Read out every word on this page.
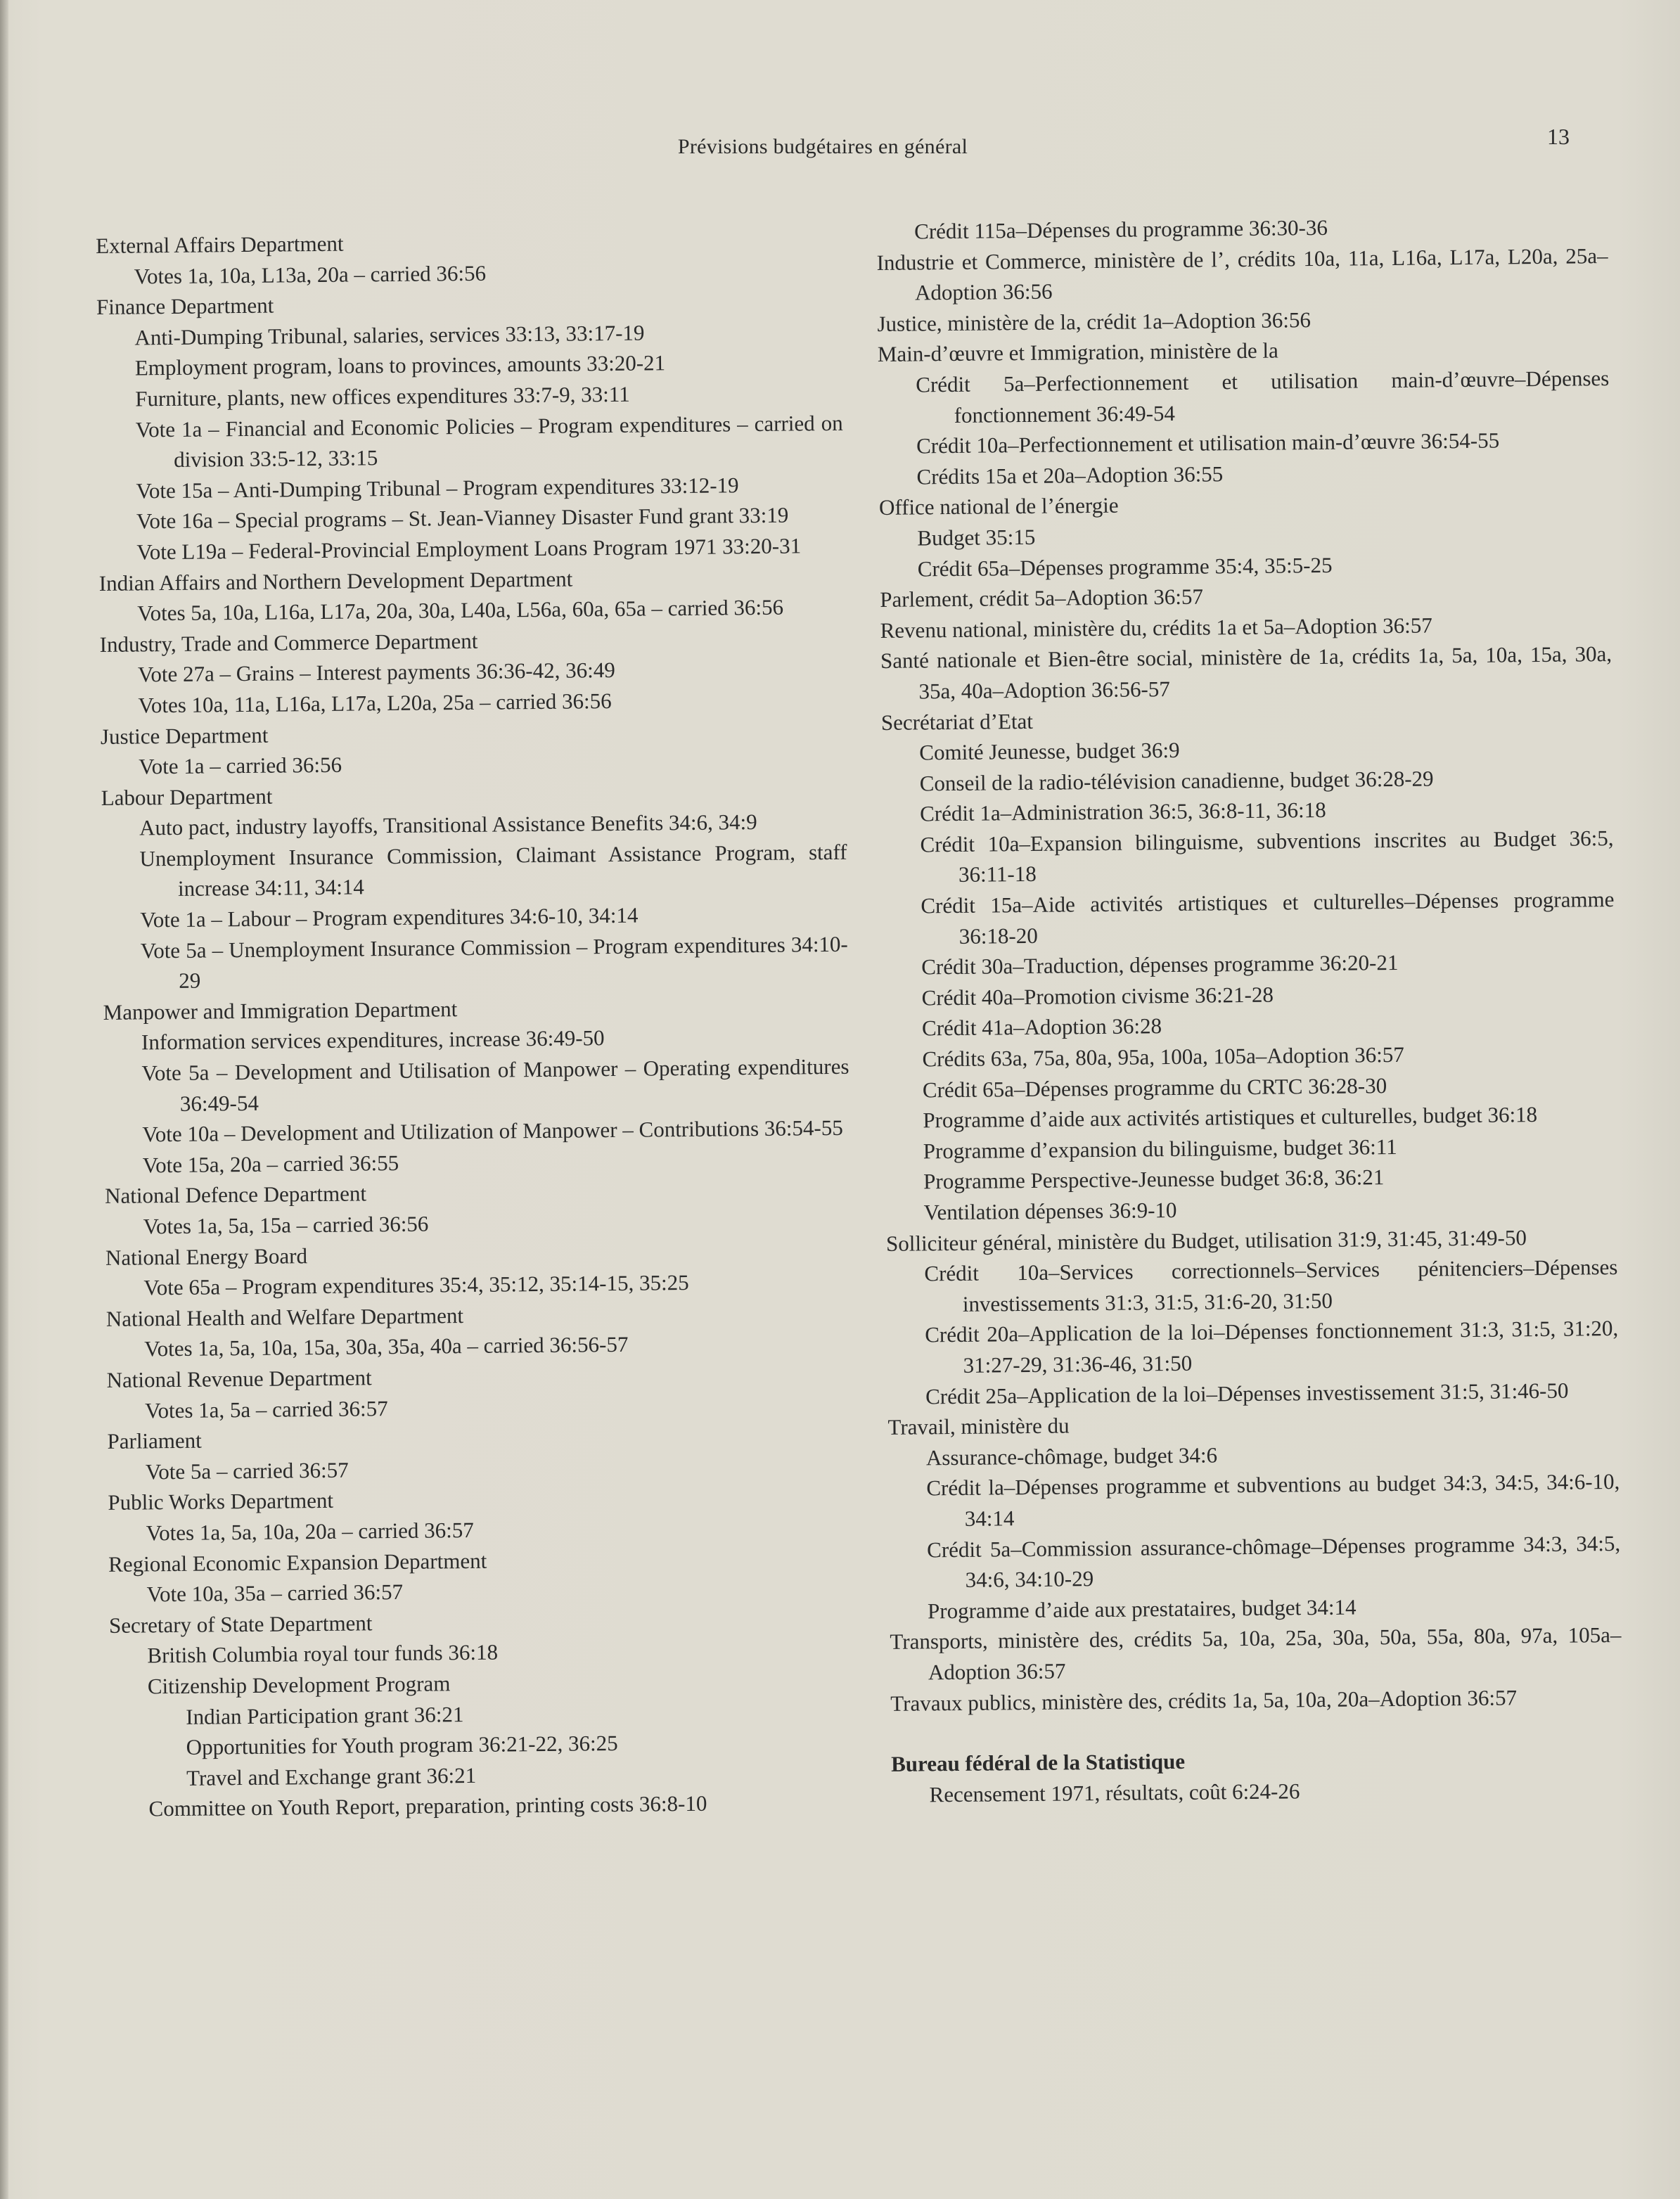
Prévisions budgétaires en général	13
External Affairs Department
Votes 1a, 10a, L13a, 20a – carried 36:56
Finance Department
Anti-Dumping Tribunal, salaries, services 33:13, 33:17-19
Employment program, loans to provinces, amounts 33:20-21
Furniture, plants, new offices expenditures 33:7-9, 33:11
Vote 1a – Financial and Economic Policies – Program expenditures – carried on division 33:5-12, 33:15
Vote 15a – Anti-Dumping Tribunal – Program expenditures 33:12-19
Vote 16a – Special programs – St. Jean-Vianney Disaster Fund grant 33:19
Vote L19a – Federal-Provincial Employment Loans Program 1971 33:20-31
Indian Affairs and Northern Development Department
Votes 5a, 10a, L16a, L17a, 20a, 30a, L40a, L56a, 60a, 65a – carried 36:56
Industry, Trade and Commerce Department
Vote 27a – Grains – Interest payments 36:36-42, 36:49
Votes 10a, 11a, L16a, L17a, L20a, 25a – carried 36:56
Justice Department
Vote 1a – carried 36:56
Labour Department
Auto pact, industry layoffs, Transitional Assistance Benefits 34:6, 34:9
Unemployment Insurance Commission, Claimant Assistance Program, staff increase 34:11, 34:14
Vote 1a – Labour – Program expenditures 34:6-10, 34:14
Vote 5a – Unemployment Insurance Commission – Program expenditures 34:10-29
Manpower and Immigration Department
Information services expenditures, increase 36:49-50
Vote 5a – Development and Utilisation of Manpower – Operating expenditures 36:49-54
Vote 10a – Development and Utilization of Manpower – Contributions 36:54-55
Vote 15a, 20a – carried 36:55
National Defence Department
Votes 1a, 5a, 15a – carried 36:56
National Energy Board
Vote 65a – Program expenditures 35:4, 35:12, 35:14-15, 35:25
National Health and Welfare Department
Votes 1a, 5a, 10a, 15a, 30a, 35a, 40a – carried 36:56-57
National Revenue Department
Votes 1a, 5a – carried 36:57
Parliament
Vote 5a – carried 36:57
Public Works Department
Votes 1a, 5a, 10a, 20a – carried 36:57
Regional Economic Expansion Department
Vote 10a, 35a – carried 36:57
Secretary of State Department
British Columbia royal tour funds 36:18
Citizenship Development Program
Indian Participation grant 36:21
Opportunities for Youth program 36:21-22, 36:25
Travel and Exchange grant 36:21
Committee on Youth Report, preparation, printing costs 36:8-10
Crédit 115a–Dépenses du programme 36:30-36
Industrie et Commerce, ministère de l’, crédits 10a, 11a, L16a, L17a, L20a, 25a–Adoption 36:56
Justice, ministère de la, crédit 1a–Adoption 36:56
Main-d’œuvre et Immigration, ministère de la
Crédit 5a–Perfectionnement et utilisation main-d’œuvre–Dépenses fonctionnement 36:49-54
Crédit 10a–Perfectionnement et utilisation main-d’œuvre 36:54-55
Crédits 15a et 20a–Adoption 36:55
Office national de l’énergie
Budget 35:15
Crédit 65a–Dépenses programme 35:4, 35:5-25
Parlement, crédit 5a–Adoption 36:57
Revenu national, ministère du, crédits 1a et 5a–Adoption 36:57
Santé nationale et Bien-être social, ministère de 1a, crédits 1a, 5a, 10a, 15a, 30a, 35a, 40a–Adoption 36:56-57
Secrétariat d’Etat
Comité Jeunesse, budget 36:9
Conseil de la radio-télévision canadienne, budget 36:28-29
Crédit 1a–Administration 36:5, 36:8-11, 36:18
Crédit 10a–Expansion bilinguisme, subventions inscrites au Budget 36:5, 36:11-18
Crédit 15a–Aide activités artistiques et culturelles–Dépenses programme 36:18-20
Crédit 30a–Traduction, dépenses programme 36:20-21
Crédit 40a–Promotion civisme 36:21-28
Crédit 41a–Adoption 36:28
Crédits 63a, 75a, 80a, 95a, 100a, 105a–Adoption 36:57
Crédit 65a–Dépenses programme du CRTC 36:28-30
Programme d’aide aux activités artistiques et culturelles, budget 36:18
Programme d’expansion du bilinguisme, budget 36:11
Programme Perspective-Jeunesse budget 36:8, 36:21
Ventilation dépenses 36:9-10
Solliciteur général, ministère du Budget, utilisation 31:9, 31:45, 31:49-50
Crédit 10a–Services correctionnels–Services pénitenciers–Dépenses investissements 31:3, 31:5, 31:6-20, 31:50
Crédit 20a–Application de la loi–Dépenses fonctionnement 31:3, 31:5, 31:20, 31:27-29, 31:36-46, 31:50
Crédit 25a–Application de la loi–Dépenses investissement 31:5, 31:46-50
Travail, ministère du
Assurance-chômage, budget 34:6
Crédit la–Dépenses programme et subventions au budget 34:3, 34:5, 34:6-10, 34:14
Crédit 5a–Commission assurance-chômage–Dépenses programme 34:3, 34:5, 34:6, 34:10-29
Programme d’aide aux prestataires, budget 34:14
Transports, ministère des, crédits 5a, 10a, 25a, 30a, 50a, 55a, 80a, 97a, 105a–Adoption 36:57
Travaux publics, ministère des, crédits 1a, 5a, 10a, 20a–Adoption 36:57
Bureau fédéral de la Statistique
Recensement 1971, résultats, coût 6:24-26
